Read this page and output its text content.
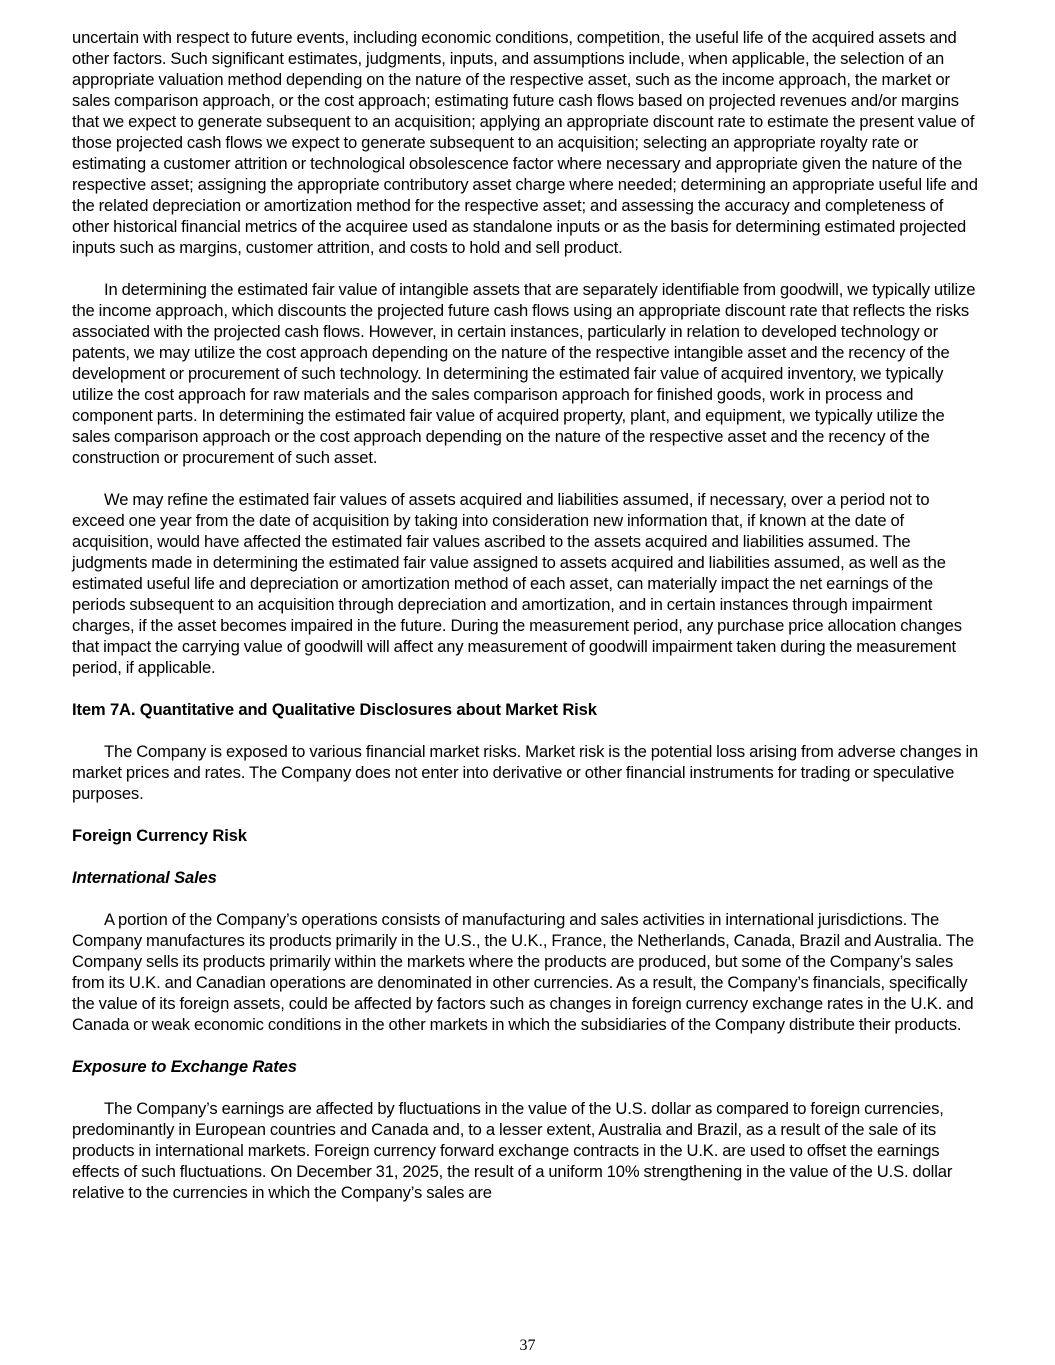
uncertain with respect to future events, including economic conditions, competition, the useful life of the acquired assets and other factors. Such significant estimates, judgments, inputs, and assumptions include, when applicable, the selection of an appropriate valuation method depending on the nature of the respective asset, such as the income approach, the market or sales comparison approach, or the cost approach; estimating future cash flows based on projected revenues and/or margins that we expect to generate subsequent to an acquisition; applying an appropriate discount rate to estimate the present value of those projected cash flows we expect to generate subsequent to an acquisition; selecting an appropriate royalty rate or estimating a customer attrition or technological obsolescence factor where necessary and appropriate given the nature of the respective asset; assigning the appropriate contributory asset charge where needed; determining an appropriate useful life and the related depreciation or amortization method for the respective asset; and assessing the accuracy and completeness of other historical financial metrics of the acquiree used as standalone inputs or as the basis for determining estimated projected inputs such as margins, customer attrition, and costs to hold and sell product.

In determining the estimated fair value of intangible assets that are separately identifiable from goodwill, we typically utilize the income approach, which discounts the projected future cash flows using an appropriate discount rate that reflects the risks associated with the projected cash flows. However, in certain instances, particularly in relation to developed technology or patents, we may utilize the cost approach depending on the nature of the respective intangible asset and the recency of the development or procurement of such technology. In determining the estimated fair value of acquired inventory, we typically utilize the cost approach for raw materials and the sales comparison approach for finished goods, work in process and component parts. In determining the estimated fair value of acquired property, plant, and equipment, we typically utilize the sales comparison approach or the cost approach depending on the nature of the respective asset and the recency of the construction or procurement of such asset.

We may refine the estimated fair values of assets acquired and liabilities assumed, if necessary, over a period not to exceed one year from the date of acquisition by taking into consideration new information that, if known at the date of acquisition, would have affected the estimated fair values ascribed to the assets acquired and liabilities assumed. The judgments made in determining the estimated fair value assigned to assets acquired and liabilities assumed, as well as the estimated useful life and depreciation or amortization method of each asset, can materially impact the net earnings of the periods subsequent to an acquisition through depreciation and amortization, and in certain instances through impairment charges, if the asset becomes impaired in the future. During the measurement period, any purchase price allocation changes that impact the carrying value of goodwill will affect any measurement of goodwill impairment taken during the measurement period, if applicable.

Item 7A. Quantitative and Qualitative Disclosures about Market Risk

The Company is exposed to various financial market risks. Market risk is the potential loss arising from adverse changes in market prices and rates. The Company does not enter into derivative or other financial instruments for trading or speculative purposes.

Foreign Currency Risk
International Sales

A portion of the Company’s operations consists of manufacturing and sales activities in international jurisdictions. The Company manufactures its products primarily in the U.S., the U.K., France, the Netherlands, Canada, Brazil and Australia. The Company sells its products primarily within the markets where the products are produced, but some of the Company’s sales from its U.K. and Canadian operations are denominated in other currencies. As a result, the Company’s financials, specifically the value of its foreign assets, could be affected by factors such as changes in foreign currency exchange rates in the U.K. and Canada or weak economic conditions in the other markets in which the subsidiaries of the Company distribute their products.

Exposure to Exchange Rates

The Company’s earnings are affected by fluctuations in the value of the U.S. dollar as compared to foreign currencies, predominantly in European countries and Canada and, to a lesser extent, Australia and Brazil, as a result of the sale of its products in international markets. Foreign currency forward exchange contracts in the U.K. are used to offset the earnings effects of such fluctuations. On December 31, 2025, the result of a uniform 10% strengthening in the value of the U.S. dollar relative to the currencies in which the Company’s sales are

37
